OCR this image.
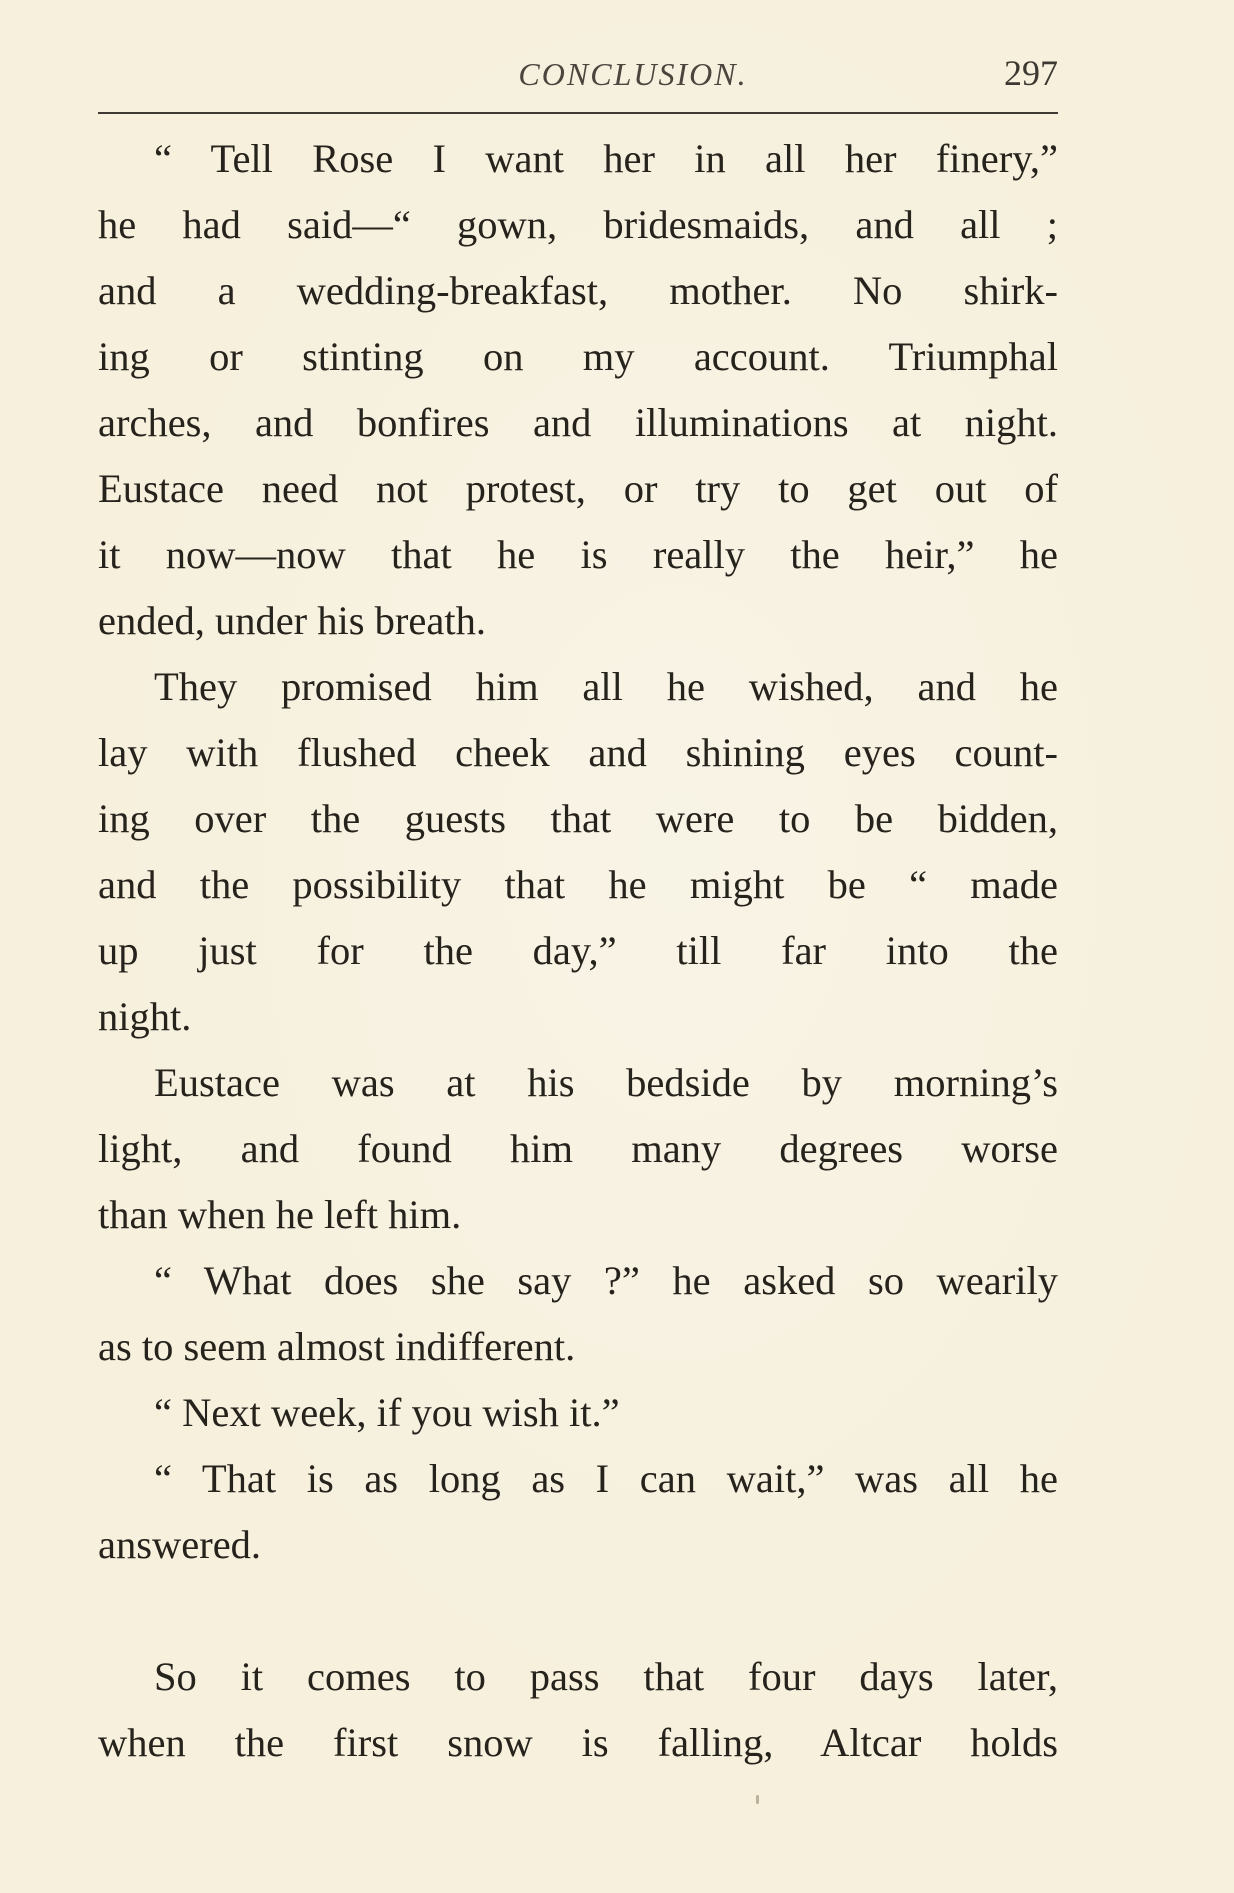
CONCLUSION.	297
“ Tell Rose I want her in all her finery,”
he had said—“ gown, bridesmaids, and all ;
and a wedding-breakfast, mother. No shirk-
ing or stinting on my account. Triumphal
arches, and bonfires and illuminations at night.
Eustace need not protest, or try to get out of
it now—now that he is really the heir,” he
ended, under his breath.
They promised him all he wished, and he
lay with flushed cheek and shining eyes count-
ing over the guests that were to be bidden,
and the possibility that he might be “ made
up just for the day,” till far into the
night.
Eustace was at his bedside by morning’s
light, and found him many degrees worse
than when he left him.
“ What does she say ?” he asked so wearily
as to seem almost indifferent.
“ Next week, if you wish it.”
“ That is as long as I can wait,” was all he
answered.
So it comes to pass that four days later,
when the first snow is falling, Altcar holds
